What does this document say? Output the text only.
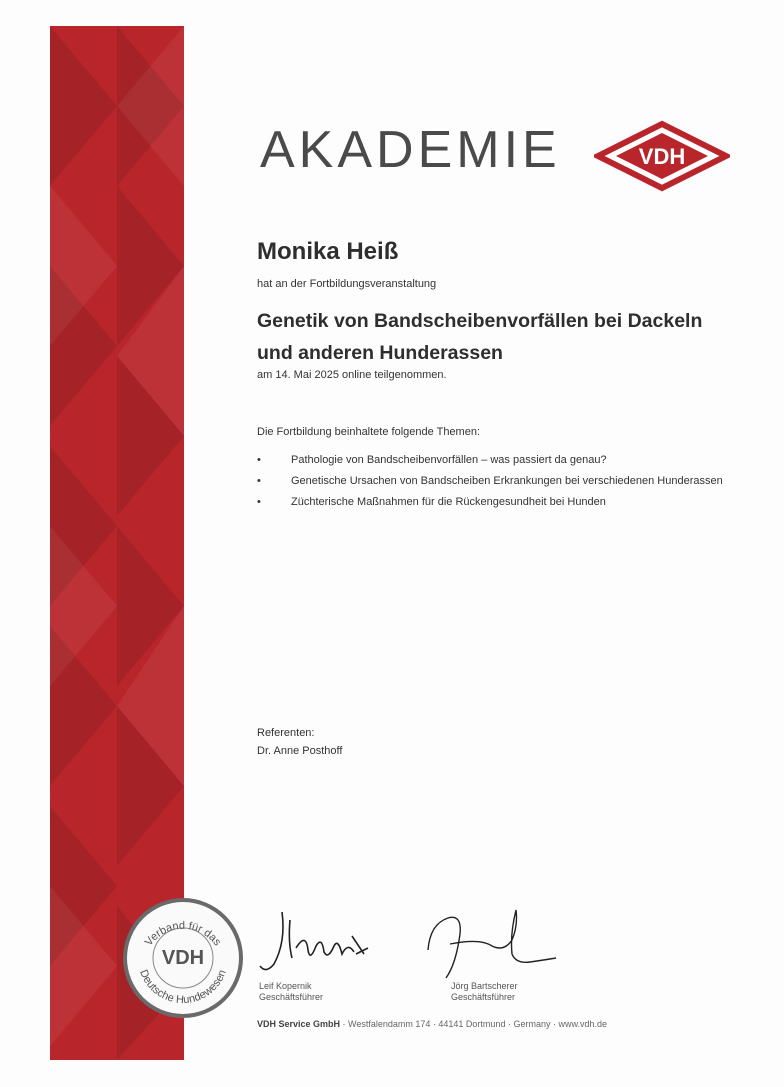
AKADEMIE	VDH
Monika Heiß
hat an der Fortbildungsveranstaltung
Genetik von Bandscheibenvorfällen bei Dackeln und anderen Hunderassen
am 14. Mai 2025 online teilgenommen.
Die Fortbildung beinhaltete folgende Themen:
•	Pathologie von Bandscheibenvorfällen – was passiert da genau?
•	Genetische Ursachen von Bandscheiben Erkrankungen bei verschiedenen Hunderassen
•	Züchterische Maßnahmen für die Rückengesundheit bei Hunden
Referenten:
Dr. Anne Posthoff
Verband für das
Deutsche Hundewesen
VDH
Leif Kopernik
Geschäftsführer
Jörg Bartscherer
Geschäftsführer
VDH Service GmbH · Westfalendamm 174 · 44141 Dortmund · Germany · www.vdh.de
